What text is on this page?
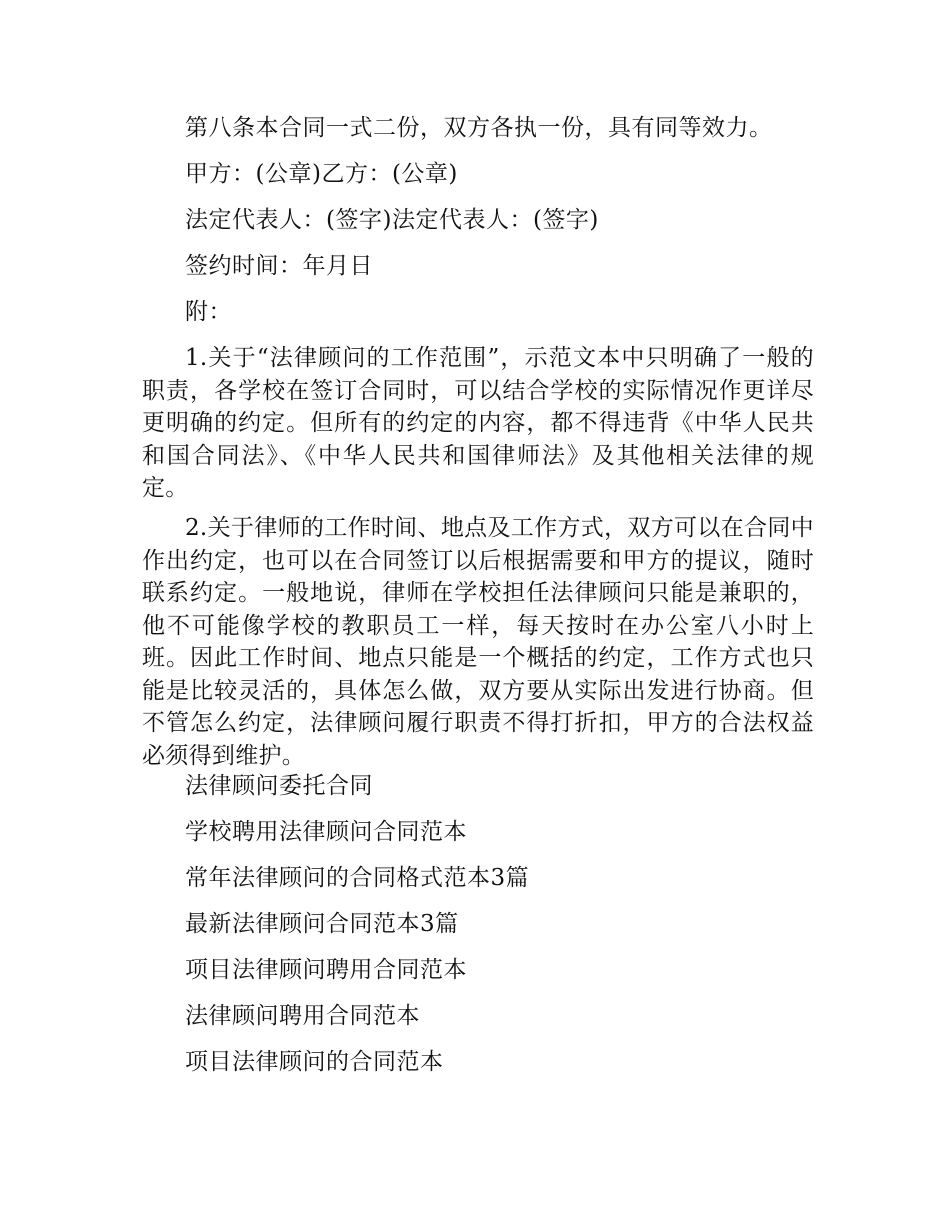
第八条本合同一式二份，双方各执一份，具有同等效力。
甲方：(公章)乙方：(公章)
法定代表人：(签字)法定代表人：(签字)
签约时间：年月日
附：

1.关于“法律顾问的工作范围”，示范文本中只明确了一般的职责，各学校在签订合同时，可以结合学校的实际情况作更详尽更明确的约定。但所有的约定的内容，都不得违背《中华人民共和国合同法》、《中华人民共和国律师法》及其他相关法律的规定。

2.关于律师的工作时间、地点及工作方式，双方可以在合同中作出约定，也可以在合同签订以后根据需要和甲方的提议，随时联系约定。一般地说，律师在学校担任法律顾问只能是兼职的，他不可能像学校的教职员工一样，每天按时在办公室八小时上班。因此工作时间、地点只能是一个概括的约定，工作方式也只能是比较灵活的，具体怎么做，双方要从实际出发进行协商。但不管怎么约定，法律顾问履行职责不得打折扣，甲方的合法权益必须得到维护。

法律顾问委托合同
学校聘用法律顾问合同范本
常年法律顾问的合同格式范本3篇
最新法律顾问合同范本3篇
项目法律顾问聘用合同范本
法律顾问聘用合同范本
项目法律顾问的合同范本
